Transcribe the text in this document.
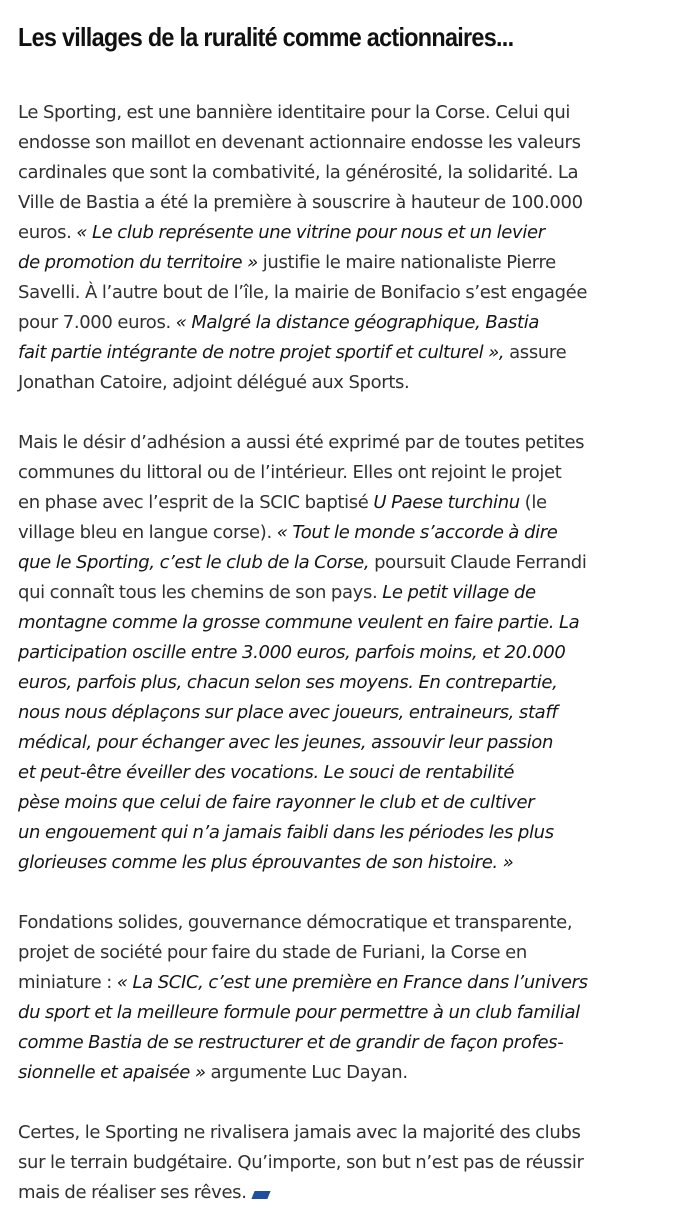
Les villages de la ruralité comme actionnaires...

Le Sporting, est une bannière identitaire pour la Corse. Celui qui
endosse son maillot en devenant actionnaire endosse les valeurs
cardinales que sont la combativité, la générosité, la solidarité. La
Ville de Bastia a été la première à souscrire à hauteur de 100.000
euros. « Le club représente une vitrine pour nous et un levier
de promotion du territoire » justifie le maire nationaliste Pierre
Savelli. À l’autre bout de l’île, la mairie de Bonifacio s’est engagée
pour 7.000 euros. « Malgré la distance géographique, Bastia
fait partie intégrante de notre projet sportif et culturel », assure
Jonathan Catoire, adjoint délégué aux Sports.

Mais le désir d’adhésion a aussi été exprimé par de toutes petites
communes du littoral ou de l’intérieur. Elles ont rejoint le projet
en phase avec l’esprit de la SCIC baptisé U Paese turchinu (le
village bleu en langue corse). « Tout le monde s’accorde à dire
que le Sporting, c’est le club de la Corse, poursuit Claude Ferrandi
qui connaît tous les chemins de son pays. Le petit village de
montagne comme la grosse commune veulent en faire partie. La
participation oscille entre 3.000 euros, parfois moins, et 20.000
euros, parfois plus, chacun selon ses moyens. En contrepartie,
nous nous déplaçons sur place avec joueurs, entraineurs, staff
médical, pour échanger avec les jeunes, assouvir leur passion
et peut-être éveiller des vocations. Le souci de rentabilité
pèse moins que celui de faire rayonner le club et de cultiver
un engouement qui n’a jamais faibli dans les périodes les plus
glorieuses comme les plus éprouvantes de son histoire. »

Fondations solides, gouvernance démocratique et transparente,
projet de société pour faire du stade de Furiani, la Corse en
miniature : « La SCIC, c’est une première en France dans l’univers
du sport et la meilleure formule pour permettre à un club familial
comme Bastia de se restructurer et de grandir de façon profes-
sionnelle et apaisée » argumente Luc Dayan.

Certes, le Sporting ne rivalisera jamais avec la majorité des clubs
sur le terrain budgétaire. Qu’importe, son but n’est pas de réussir
mais de réaliser ses rêves.
